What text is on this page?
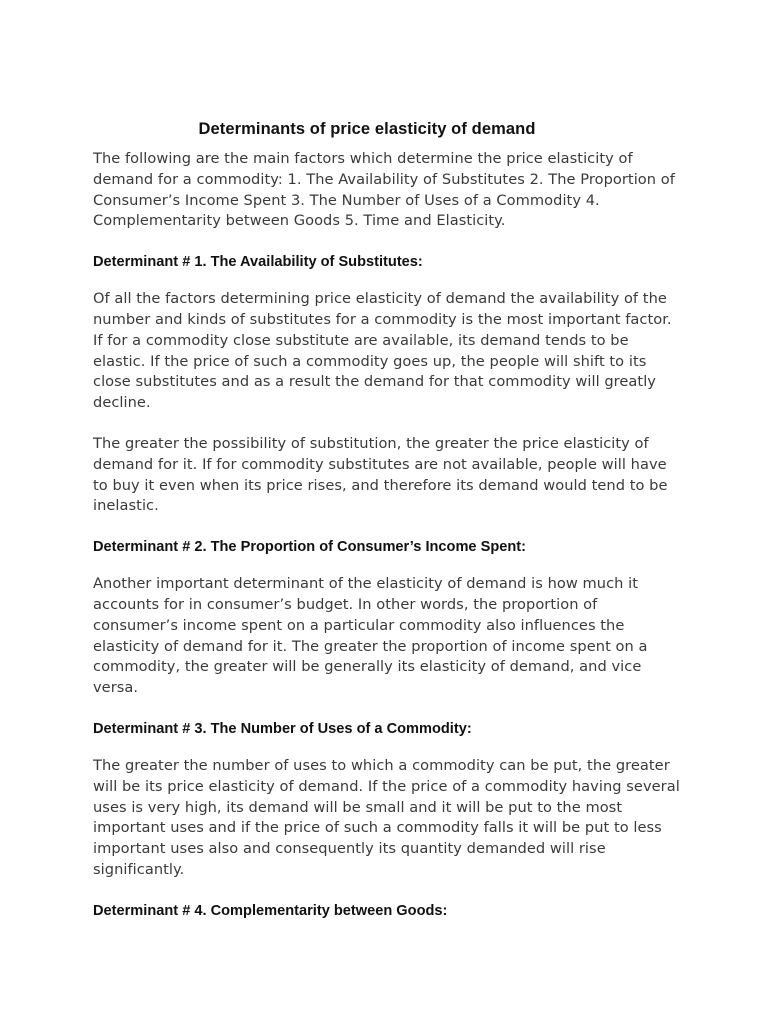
Determinants of price elasticity of demand

The following are the main factors which determine the price elasticity of demand for a commodity: 1. The Availability of Substitutes 2. The Proportion of Consumer’s Income Spent 3. The Number of Uses of a Commodity 4. Complementarity between Goods 5. Time and Elasticity.

Determinant # 1. The Availability of Substitutes:

Of all the factors determining price elasticity of demand the availability of the number and kinds of substitutes for a commodity is the most important factor. If for a commodity close substitute are available, its demand tends to be elastic. If the price of such a commodity goes up, the people will shift to its close substitutes and as a result the demand for that commodity will greatly decline.

The greater the possibility of substitution, the greater the price elasticity of demand for it. If for commodity substitutes are not available, people will have to buy it even when its price rises, and therefore its demand would tend to be inelastic.

Determinant # 2. The Proportion of Consumer’s Income Spent:

Another important determinant of the elasticity of demand is how much it accounts for in consumer’s budget. In other words, the proportion of consumer’s income spent on a particular commodity also influences the elasticity of demand for it. The greater the proportion of income spent on a commodity, the greater will be generally its elasticity of demand, and vice versa.

Determinant # 3. The Number of Uses of a Commodity:

The greater the number of uses to which a commodity can be put, the greater will be its price elasticity of demand. If the price of a commodity having several uses is very high, its demand will be small and it will be put to the most important uses and if the price of such a commodity falls it will be put to less important uses also and consequently its quantity demanded will rise significantly.

Determinant # 4. Complementarity between Goods:
